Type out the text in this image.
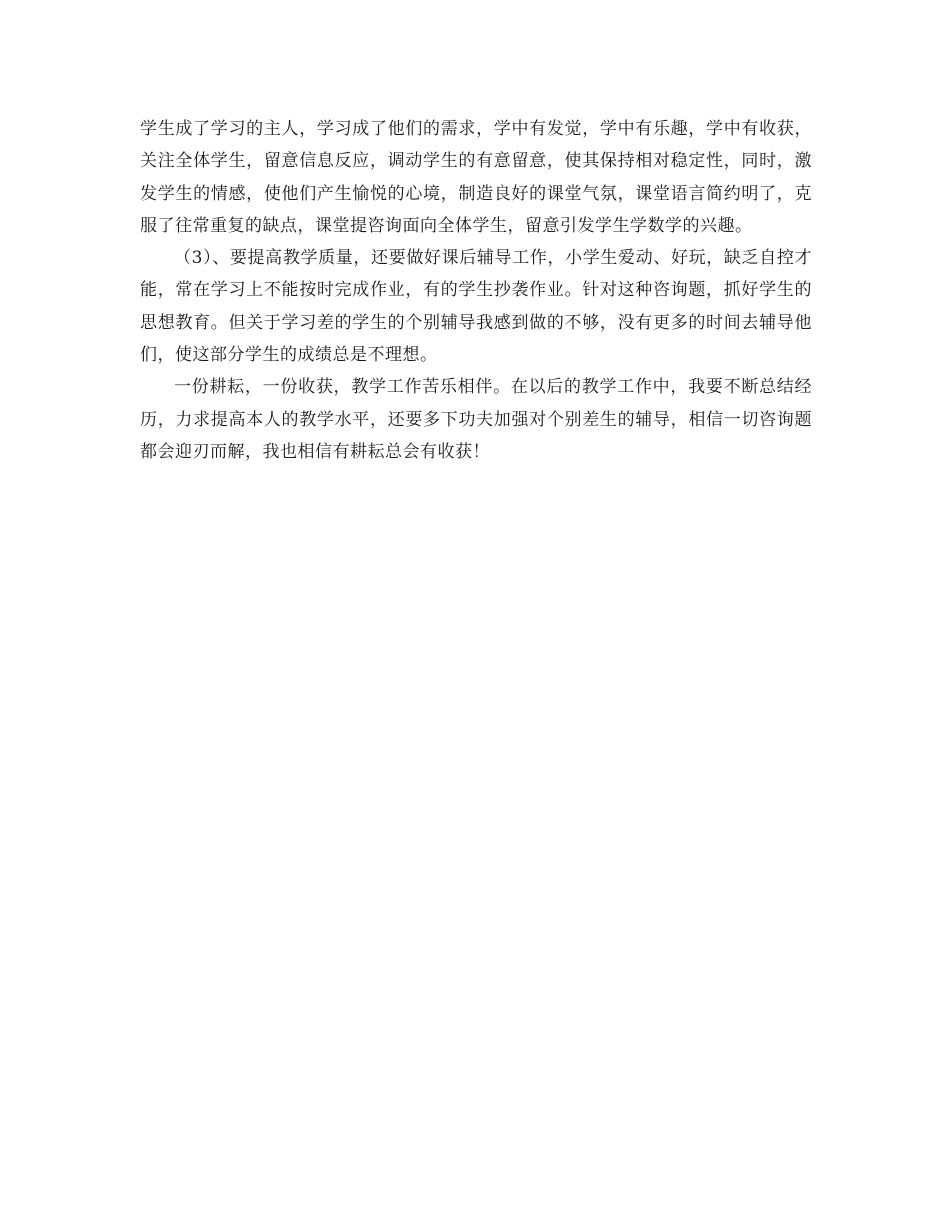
学生成了学习的主人，学习成了他们的需求，学中有发觉，学中有乐趣，学中有收获，关注全体学生，留意信息反应，调动学生的有意留意，使其保持相对稳定性，同时，激发学生的情感，使他们产生愉悦的心境，制造良好的课堂气氛，课堂语言简约明了，克服了往常重复的缺点，课堂提咨询面向全体学生，留意引发学生学数学的兴趣。

（3）、要提高教学质量，还要做好课后辅导工作，小学生爱动、好玩，缺乏自控才能，常在学习上不能按时完成作业，有的学生抄袭作业。针对这种咨询题，抓好学生的思想教育。但关于学习差的学生的个别辅导我感到做的不够，没有更多的时间去辅导他们，使这部分学生的成绩总是不理想。

一份耕耘，一份收获，教学工作苦乐相伴。在以后的教学工作中，我要不断总结经历，力求提高本人的教学水平，还要多下功夫加强对个别差生的辅导，相信一切咨询题都会迎刃而解，我也相信有耕耘总会有收获！
